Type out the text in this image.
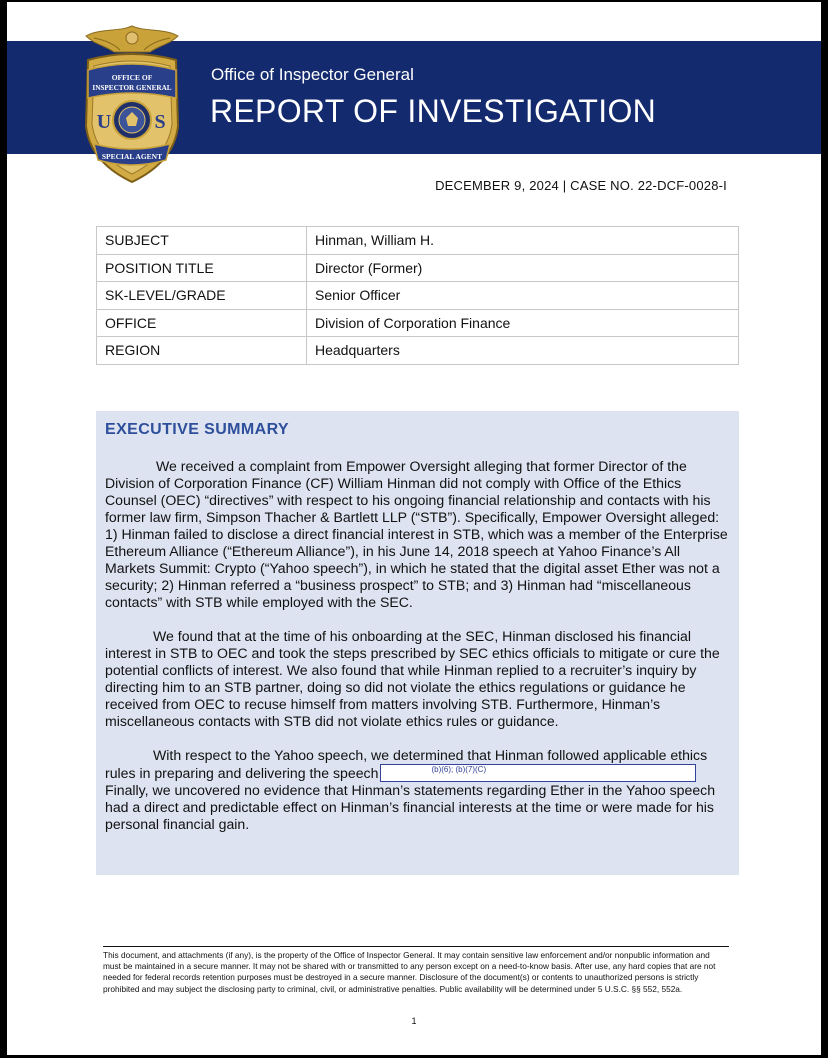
Office of Inspector General
REPORT OF INVESTIGATION
OFFICE OF
INSPECTOR GENERAL
U S
SPECIAL AGENT
DECEMBER 9, 2024 | CASE NO. 22-DCF-0028-I
SUBJECT	Hinman, William H.
POSITION TITLE	Director (Former)
SK-LEVEL/GRADE	Senior Officer
OFFICE	Division of Corporation Finance
REGION	Headquarters
EXECUTIVE SUMMARY

We received a complaint from Empower Oversight alleging that former Director of the Division of Corporation Finance (CF) William Hinman did not comply with Office of the Ethics Counsel (OEC) “directives” with respect to his ongoing financial relationship and contacts with his former law firm, Simpson Thacher & Bartlett LLP (“STB”). Specifically, Empower Oversight alleged: 1) Hinman failed to disclose a direct financial interest in STB, which was a member of the Enterprise Ethereum Alliance (“Ethereum Alliance”), in his June 14, 2018 speech at Yahoo Finance’s All Markets Summit: Crypto (“Yahoo speech”), in which he stated that the digital asset Ether was not a security; 2) Hinman referred a “business prospect” to STB; and 3) Hinman had “miscellaneous contacts” with STB while employed with the SEC.

We found that at the time of his onboarding at the SEC, Hinman disclosed his financial interest in STB to OEC and took the steps prescribed by SEC ethics officials to mitigate or cure the potential conflicts of interest. We also found that while Hinman replied to a recruiter’s inquiry by directing him to an STB partner, doing so did not violate the ethics regulations or guidance he received from OEC to recuse himself from matters involving STB. Furthermore, Hinman’s miscellaneous contacts with STB did not violate ethics rules or guidance.

With respect to the Yahoo speech, we determined that Hinman followed applicable ethics rules in preparing and delivering the speech	(b)(6); (b)(7)(C)
Finally, we uncovered no evidence that Hinman’s statements regarding Ether in the Yahoo speech had a direct and predictable effect on Hinman’s financial interests at the time or were made for his personal financial gain.

This document, and attachments (if any), is the property of the Office of Inspector General. It may contain sensitive law enforcement and/or nonpublic information and must be maintained in a secure manner. It may not be shared with or transmitted to any person except on a need-to-know basis. After use, any hard copies that are not needed for federal records retention purposes must be destroyed in a secure manner. Disclosure of the document(s) or contents to unauthorized persons is strictly prohibited and may subject the disclosing party to criminal, civil, or administrative penalties. Public availability will be determined under 5 U.S.C. §§ 552, 552a.
1
